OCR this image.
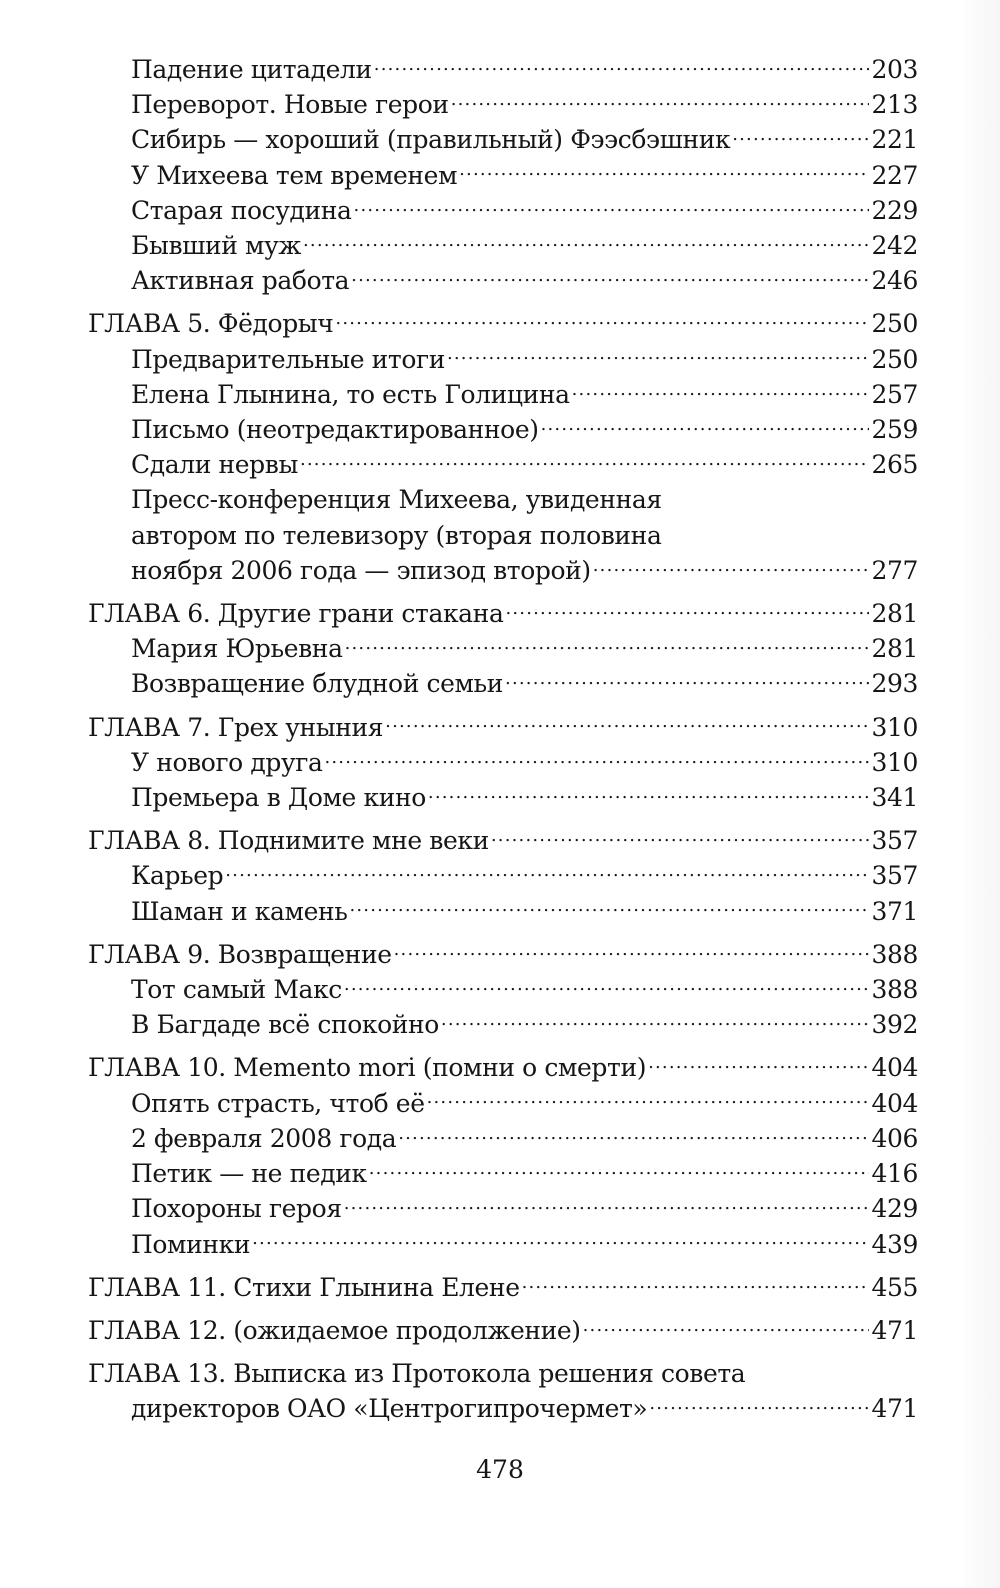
Падение цитадели .....	203
Переворот. Новые герои .....	213
Сибирь — хороший (правильный) Фээсбэшник .....	221
У Михеева тем временем .....	227
Старая посудина .....	229
Бывший муж .....	242
Активная работа .....	246
ГЛАВА 5. Фёдорыч .....	250
Предварительные итоги .....	250
Елена Глынина, то есть Голицина .....	257
Письмо (неотредактированное) .....	259
Сдали нервы .....	265
Пресс-конференция Михеева, увиденная
автором по телевизору (вторая половина
ноября 2006 года — эпизод второй) .....	277
ГЛАВА 6. Другие грани стакана .....	281
Мария Юрьевна .....	281
Возвращение блудной семьи .....	293
ГЛАВА 7. Грех уныния .....	310
У нового друга .....	310
Премьера в Доме кино .....	341
ГЛАВА 8. Поднимите мне веки .....	357
Карьер .....	357
Шаман и камень .....	371
ГЛАВА 9. Возвращение .....	388
Тот самый Макс .....	388
В Багдаде всё спокойно .....	392
ГЛАВА 10. Memento mori (помни о смерти) .....	404
Опять страсть, чтоб её .....	404
2 февраля 2008 года .....	406
Петик — не педик .....	416
Похороны героя .....	429
Поминки .....	439
ГЛАВА 11. Стихи Глынина Елене .....	455
ГЛАВА 12. (ожидаемое продолжение) .....	471
ГЛАВА 13. Выписка из Протокола решения совета
директоров ОАО «Центрогипрочермет» .....	471
478
